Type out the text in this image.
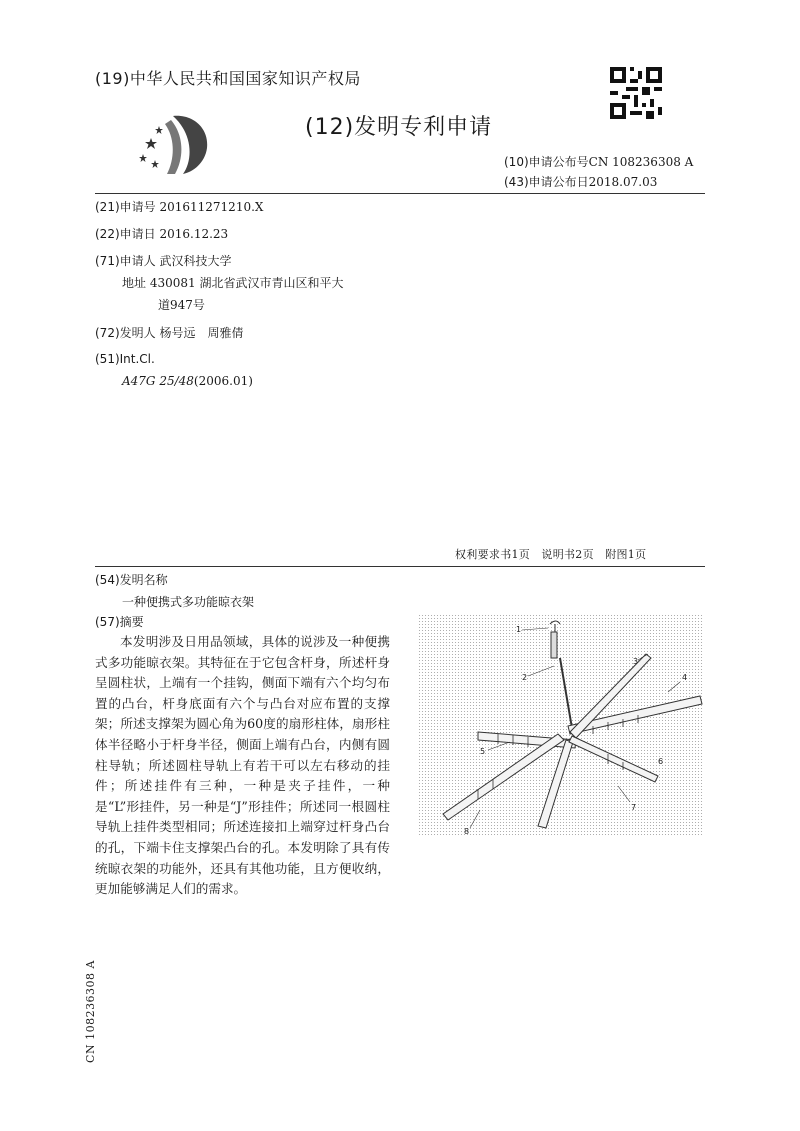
(19)中华人民共和国国家知识产权局
(12)发明专利申请
(10)申请公布号CN 108236308 A
(43)申请公布日2018.07.03
(21)申请号 201611271210.X
(22)申请日 2016.12.23
(71)申请人 武汉科技大学
地址 430081 湖北省武汉市青山区和平大
道947号
(72)发明人 杨号远　周雅倩
(51)Int.Cl.
A47G 25/48(2006.01)
权利要求书1页　说明书2页　附图1页
(54)发明名称
一种便携式多功能晾衣架
(57)摘要

本发明涉及日用品领域，具体的说涉及一种便携式多功能晾衣架。其特征在于它包含杆身，所述杆身呈圆柱状，上端有一个挂钩，侧面下端有六个均匀布置的凸台，杆身底面有六个与凸台对应布置的支撑架；所述支撑架为圆心角为60度的扇形柱体，扇形柱体半径略小于杆身半径，侧面上端有凸台，内侧有圆柱导轨；所述圆柱导轨上有若干可以左右移动的挂件；所述挂件有三种，一种是夹子挂件，一种是“L”形挂件，另一种是“J”形挂件；所述同一根圆柱导轨上挂件类型相同；所述连接扣上端穿过杆身凸台的孔，下端卡住支撑架凸台的孔。本发明除了具有传统晾衣架的功能外，还具有其他功能，且方便收纳，更加能够满足人们的需求。

1
2
3
4
5
6
7
8
CN 108236308 A
